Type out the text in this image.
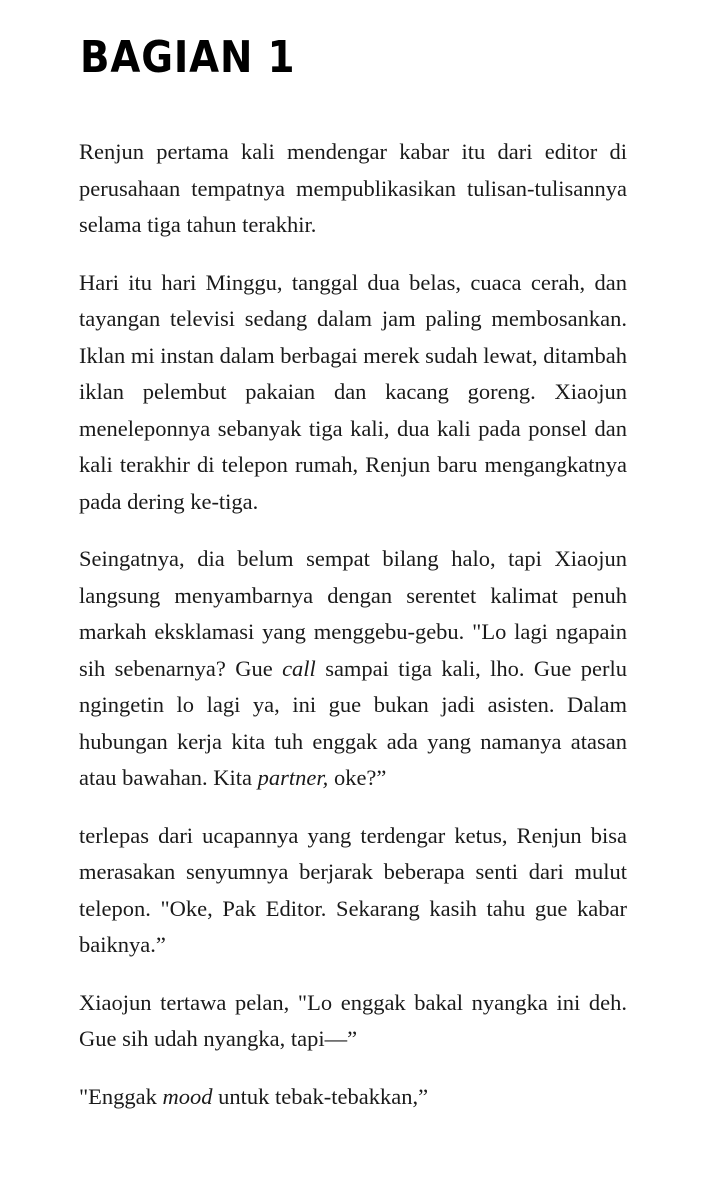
BAGIAN 1

Renjun pertama kali mendengar kabar itu dari editor di perusahaan tempatnya mempublikasikan tulisan-tulisannya selama tiga tahun terakhir.

Hari itu hari Minggu, tanggal dua belas, cuaca cerah, dan tayangan televisi sedang dalam jam paling membosankan. Iklan mi instan dalam berbagai merek sudah lewat, ditambah iklan pelembut pakaian dan kacang goreng. Xiaojun meneleponnya sebanyak tiga kali, dua kali pada ponsel dan kali terakhir di telepon rumah, Renjun baru mengangkatnya pada dering ke-tiga.

Seingatnya, dia belum sempat bilang halo, tapi Xiaojun langsung menyambarnya dengan serentet kalimat penuh markah eksklamasi yang menggebu-gebu. "Lo lagi ngapain sih sebenarnya? Gue call sampai tiga kali, lho. Gue perlu ngingetin lo lagi ya, ini gue bukan jadi asisten. Dalam hubungan kerja kita tuh enggak ada yang namanya atasan atau bawahan. Kita partner, oke?”

terlepas dari ucapannya yang terdengar ketus, Renjun bisa merasakan senyumnya berjarak beberapa senti dari mulut telepon. "Oke, Pak Editor. Sekarang kasih tahu gue kabar baiknya.”

Xiaojun tertawa pelan, "Lo enggak bakal nyangka ini deh. Gue sih udah nyangka, tapi—”

"Enggak mood untuk tebak-tebakkan,”
